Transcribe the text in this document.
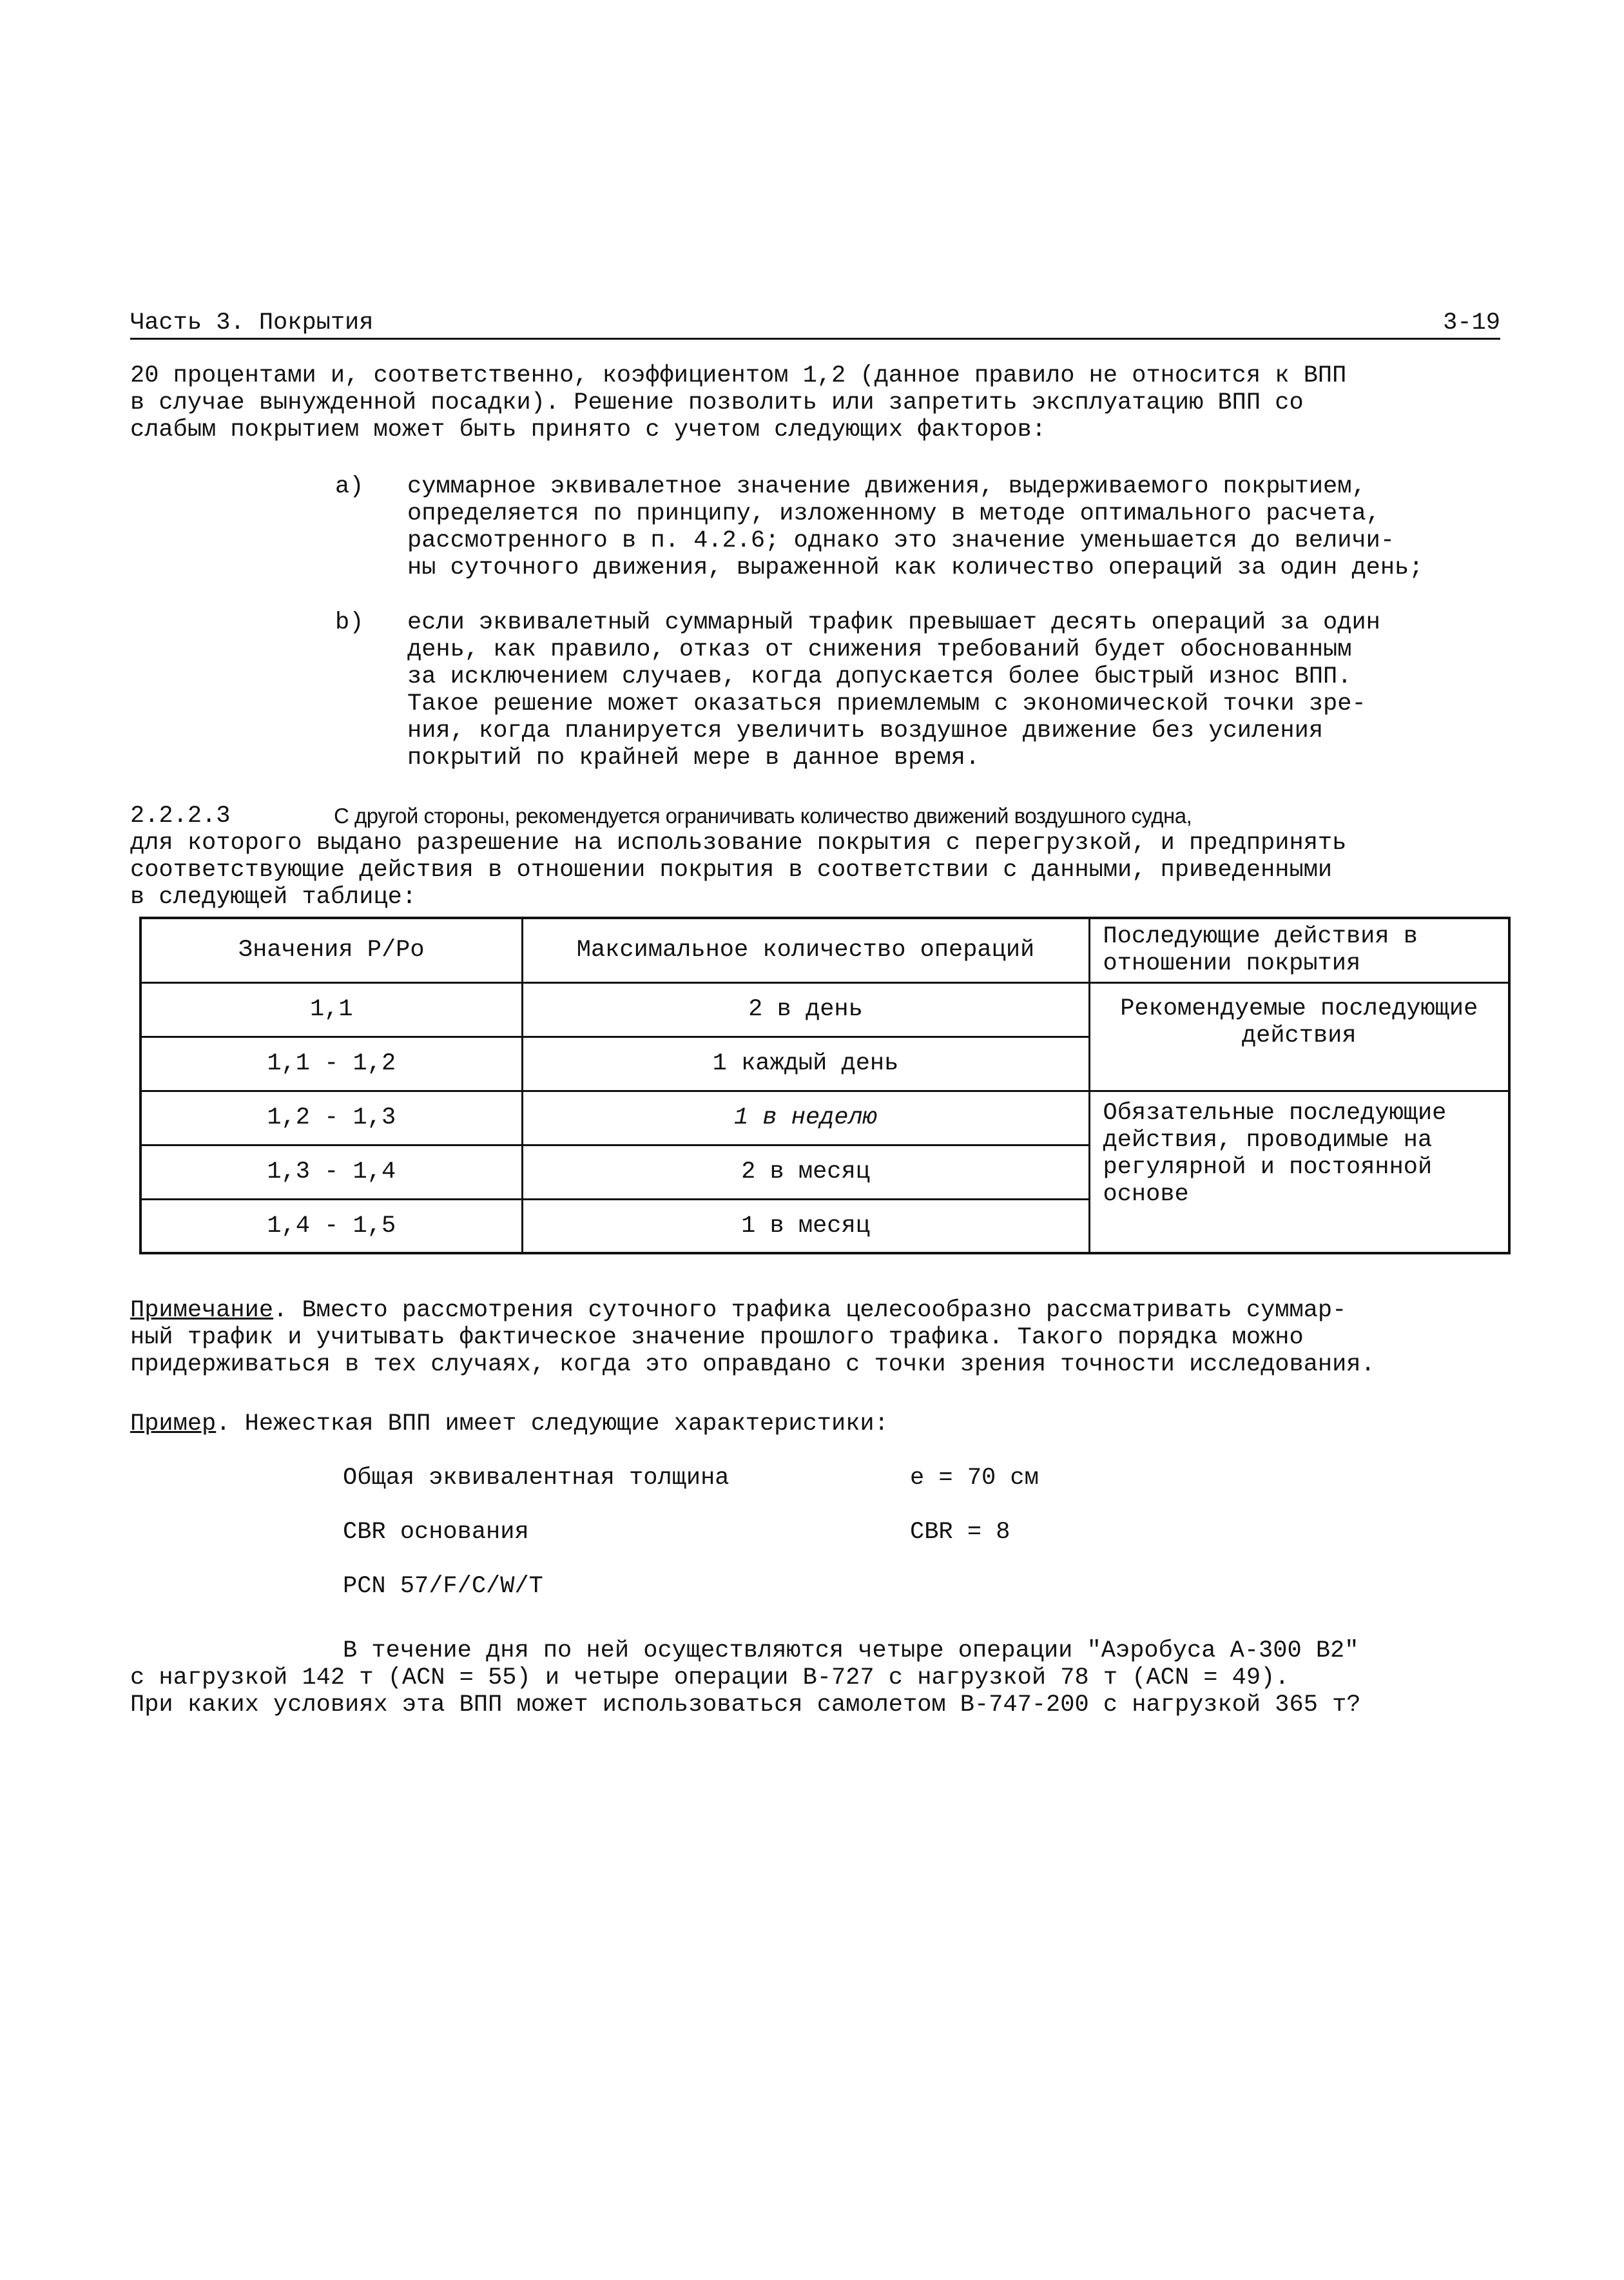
Часть 3. Покрытия	3-19
20 процентами и, соответственно, коэффициентом 1,2 (данное правило не относится к ВПП
в случае вынужденной посадки). Решение позволить или запретить эксплуатацию ВПП со
слабым покрытием может быть принято с учетом следующих факторов:
a) суммарное эквивалетное значение движения, выдерживаемого покрытием,
определяется по принципу, изложенному в методе оптимального расчета,
рассмотренного в п. 4.2.6; однако это значение уменьшается до величи-
ны суточного движения, выраженной как количество операций за один день;
b) если эквивалетный суммарный трафик превышает десять операций за один
день, как правило, отказ от снижения требований будет обоснованным
за исключением случаев, когда допускается более быстрый износ ВПП.
Такое решение может оказаться приемлемым с экономической точки зре-
ния, когда планируется увеличить воздушное движение без усиления
покрытий по крайней мере в данное время.
2.2.2.3	С другой стороны, рекомендуется ограничивать количество движений воздушного судна,
для которого выдано разрешение на использование покрытия с перегрузкой, и предпринять
соответствующие действия в отношении покрытия в соответствии с данными, приведенными
в следующей таблице:
Значения P/Po	Максимальное количество операций	Последующие действия в отношении покрытия
1,1	2 в день	Рекомендуемые последующие действия
1,1 - 1,2	1 каждый день	
1,2 - 1,3	1 в неделю	Обязательные последующие действия, проводимые на регулярной и постоянной основе
1,3 - 1,4	2 в месяц	
1,4 - 1,5	1 в месяц	
Примечание. Вместо рассмотрения суточного трафика целесообразно рассматривать суммар-
ный трафик и учитывать фактическое значение прошлого трафика. Такого порядка можно
придерживаться в тех случаях, когда это оправдано с точки зрения точности исследования.
Пример. Нежесткая ВПП имеет следующие характеристики:
Общая эквивалентная толщина	e = 70 см
CBR основания	CBR = 8
PCN 57/F/C/W/T
В течение дня по ней осуществляются четыре операции "Аэробуса A-300 B2"
с нагрузкой 142 т (ACN = 55) и четыре операции B-727 с нагрузкой 78 т (ACN = 49).
При каких условиях эта ВПП может использоваться самолетом B-747-200 с нагрузкой 365 т?
